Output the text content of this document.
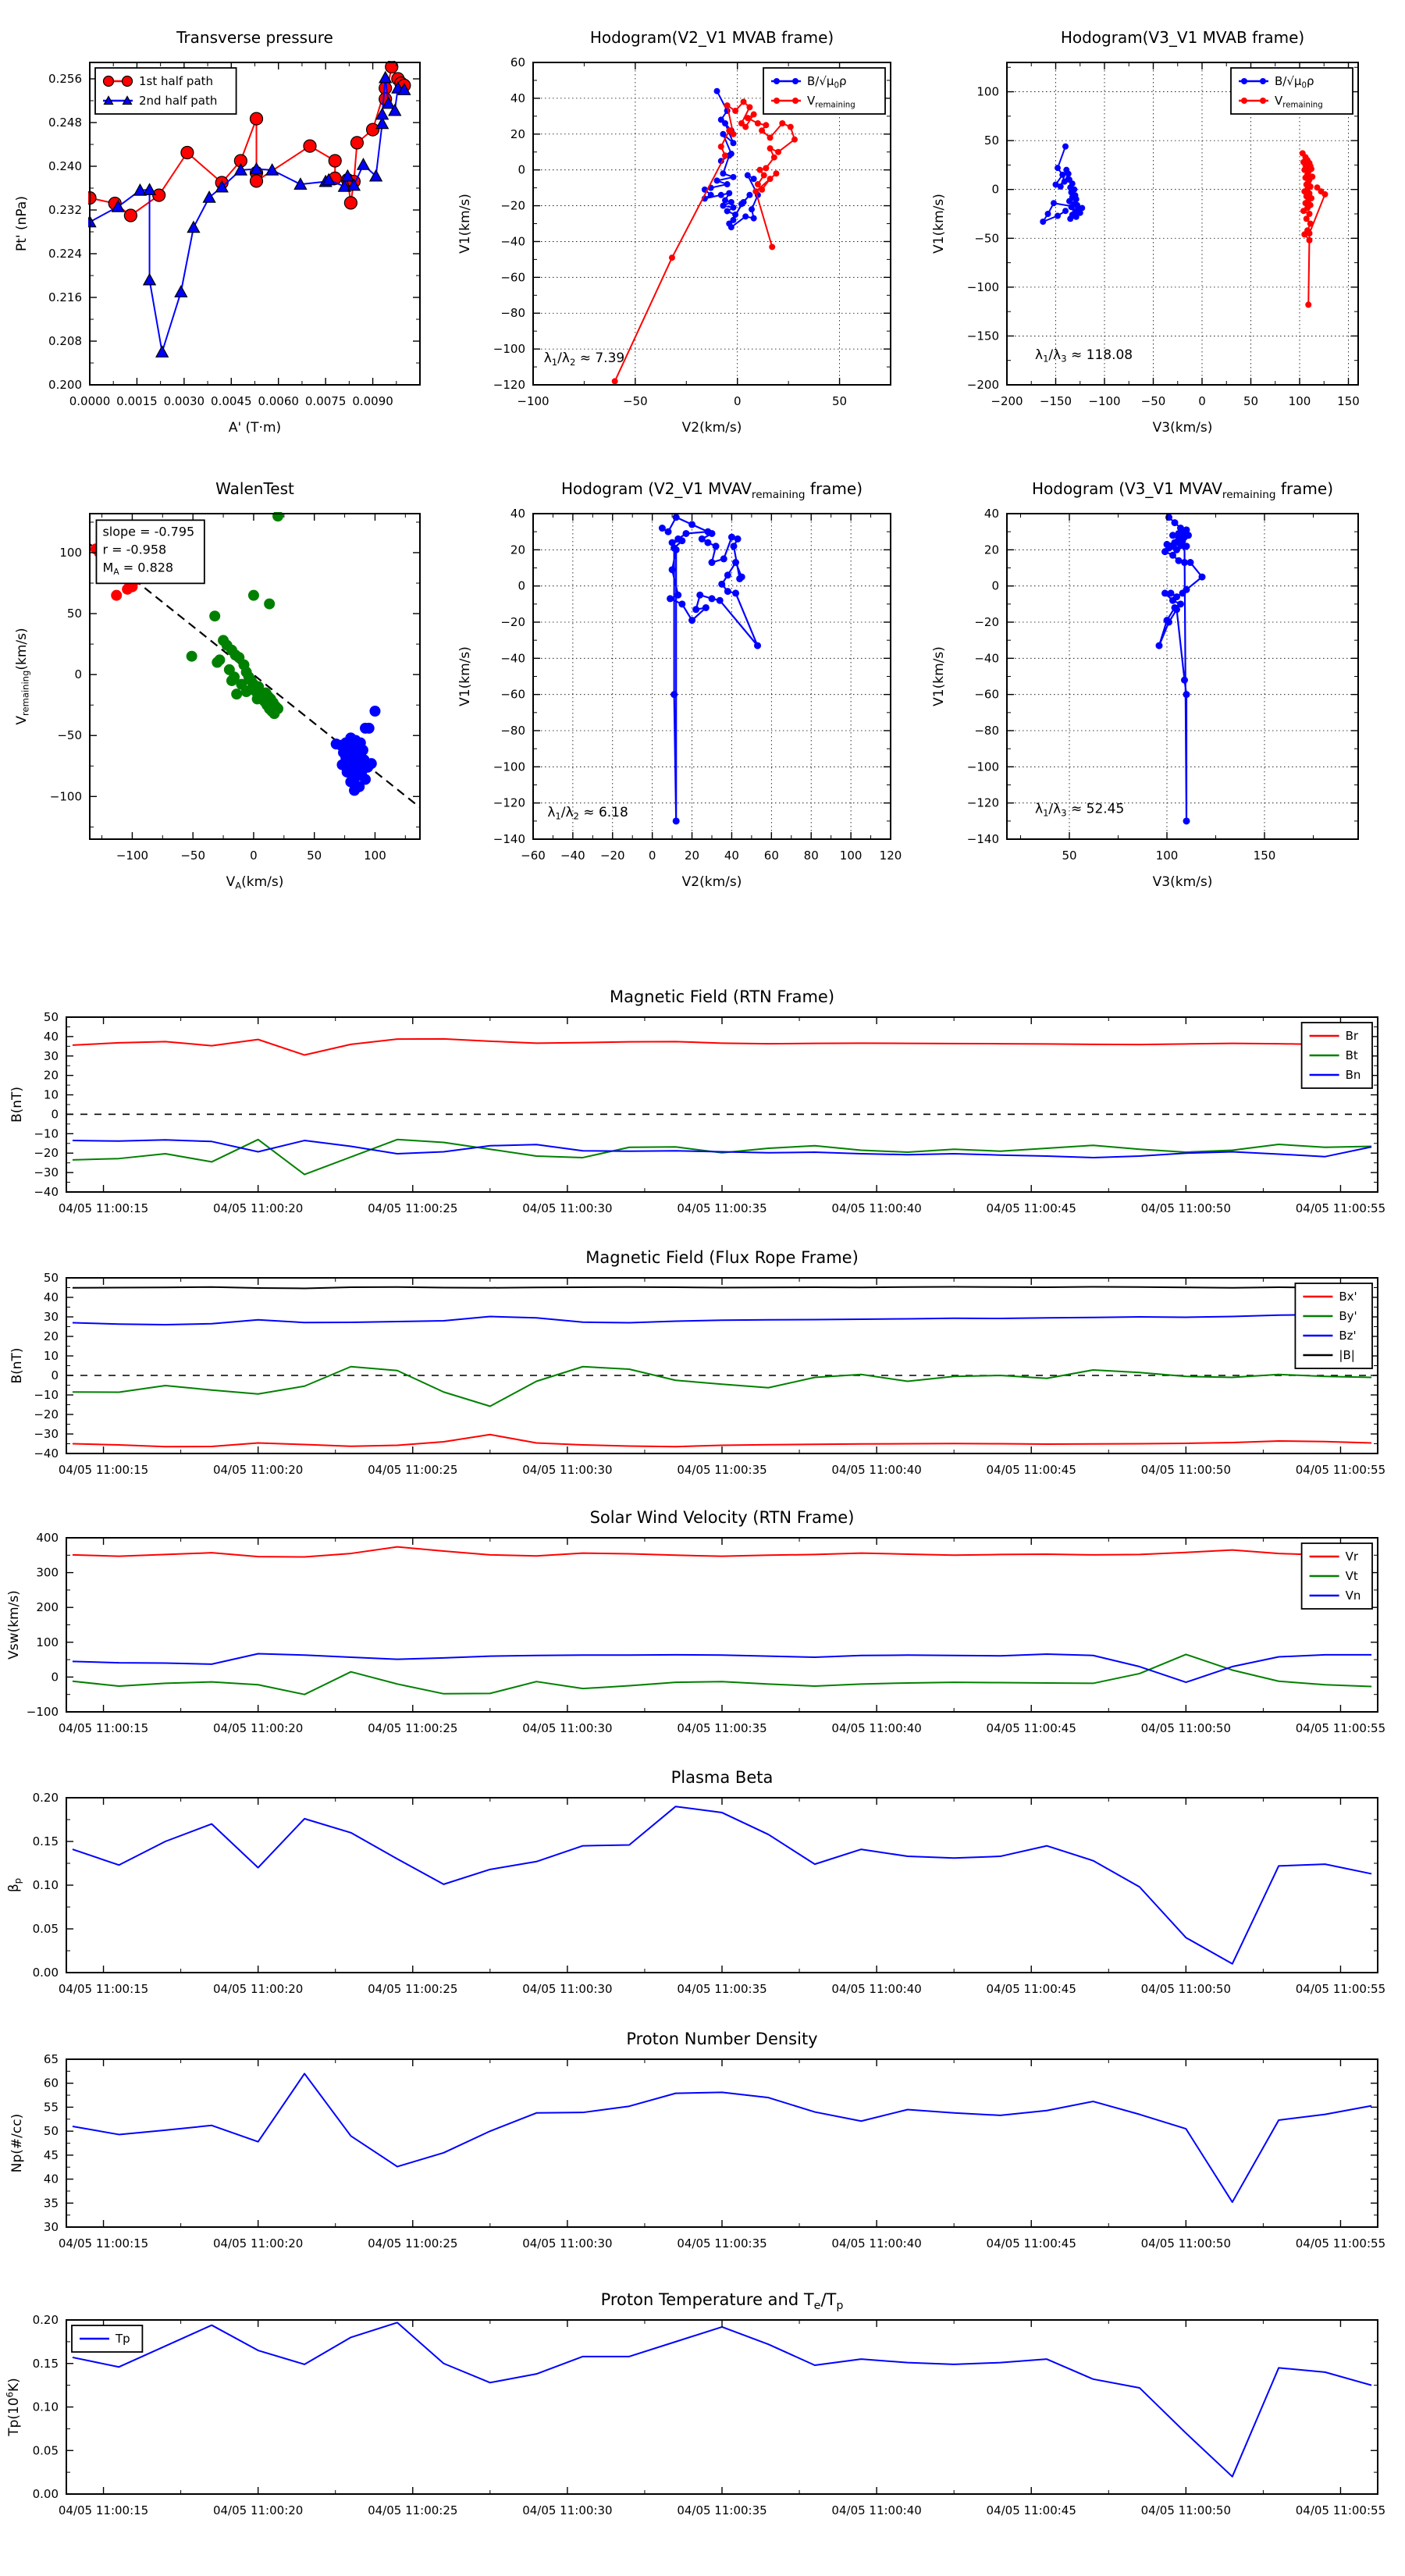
Transverse pressure
0.0000 0.0015 0.0030 0.0045 0.0060 0.0075 0.0090
0.200
0.208
0.216
0.224
0.232
0.240
0.248
0.256
A' (T·m)
Pt' (nPa)
1st half path
2nd half path
Hodogram(V2_V1 MVAB frame)
−100	−50	0	50
60
40
20
0
−20
−40
−60
−80
−100
−120
V2(km/s)
V1(km/s)
$B/√\mu_0\rho$
$V_{remaining}$
$\lambda_1/\lambda_2 \approx 7.39$
Hodogram(V3_V1 MVAB frame)
−200 −150 −100 −50	0	50	100 150
100
50
0
−50
−100
−150
−200
V3(km/s)
V1(km/s)
$B/√\mu_0\rho$
$V_{remaining}$
$\lambda_1/\lambda_3 \approx 118.08$
WalenTest
−100	−50	0	50	100
100
50
0
−50
−100
$V_A(km/s)$
$V_{remaining}(km/s)$
slope = -0.795
r = -0.958
$M_A = 0.828$
Hodogram (V2_V1 $MVAV_{remaining}$ frame)
−60 −40 −20 0 20 40 60 80 100 120
40
20
0
−20
−40
−60
−80
−100
−120
−140
V2(km/s)
V1(km/s)
$\lambda_1/\lambda_2 \approx 6.18$
Hodogram (V3_V1 $MVAV_{remaining}$ frame)
50	100	150
40
20
0
−20
−40
−60
−80
−100
−120
−140
V3(km/s)
V1(km/s)
$\lambda_1/\lambda_3 \approx 52.45$
Magnetic Field (RTN Frame)
04/05 11:00:15	04/05 11:00:20	04/05 11:00:25	04/05 11:00:30	04/05 11:00:35	04/05 11:00:40	04/05 11:00:45	04/05 11:00:50	04/05 11:00:55
50
40
30
20
10
0
−10
−20
−30
−40
B(nT)
Br
Bt
Bn
Magnetic Field (Flux Rope Frame)
04/05 11:00:15	04/05 11:00:20	04/05 11:00:25	04/05 11:00:30	04/05 11:00:35	04/05 11:00:40	04/05 11:00:45	04/05 11:00:50	04/05 11:00:55
50
40
30
20
10
0
−10
−20
−30
−40
B(nT)
Bx'
By'
Bz'
|B|
Solar Wind Velocity (RTN Frame)
04/05 11:00:15	04/05 11:00:20	04/05 11:00:25	04/05 11:00:30	04/05 11:00:35	04/05 11:00:40	04/05 11:00:45	04/05 11:00:50	04/05 11:00:55
400
300
200
100
0
−100
Vsw(km/s)
Vr
Vt
Vn
Plasma Beta
04/05 11:00:15	04/05 11:00:20	04/05 11:00:25	04/05 11:00:30	04/05 11:00:35	04/05 11:00:40	04/05 11:00:45	04/05 11:00:50	04/05 11:00:55
0.20
0.15
0.10
0.05
0.00
$\beta_p$
Proton Number Density
04/05 11:00:15	04/05 11:00:20	04/05 11:00:25	04/05 11:00:30	04/05 11:00:35	04/05 11:00:40	04/05 11:00:45	04/05 11:00:50	04/05 11:00:55
65
60
55
50
45
40
35
30
Np(#/cc)
Proton Temperature and $T_e/T_p$
04/05 11:00:15	04/05 11:00:20	04/05 11:00:25	04/05 11:00:30	04/05 11:00:35	04/05 11:00:40	04/05 11:00:45	04/05 11:00:50	04/05 11:00:55
0.20
0.15
0.10
0.05
0.00
$Tp(10^6K)$
Tp
